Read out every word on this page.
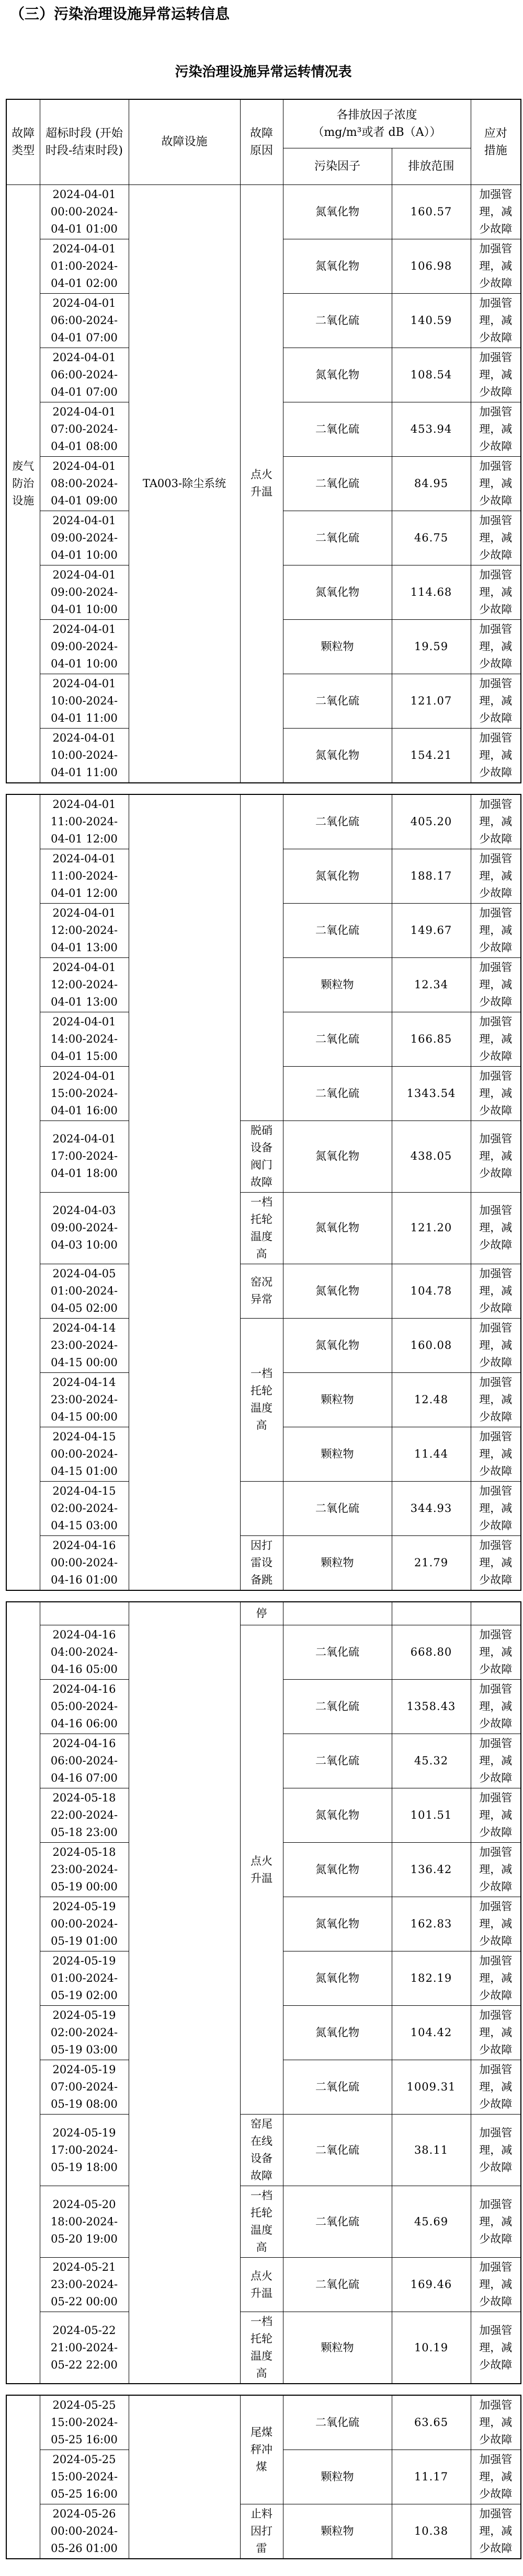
（三）污染治理设施异常运转信息
污染治理设施异常运转情况表
故障类型	超标时段 (开始时段-结束时段)	故障设施	故障原因	各排放因子浓度
（mg/m³或者 dB（A））		应对措施

				污染因子	排放范围	

废气防治设施	2024-04-01 00:00-2024-04-01 01:00	TA003-除尘系统	点火升温	氮氧化物	160.57	加强管理，减少故障

	2024-04-01 01:00-2024-04-01 02:00			氮氧化物	106.98	加强管理，减少故障

	2024-04-01 06:00-2024-04-01 07:00			二氧化硫	140.59	加强管理，减少故障

	2024-04-01 06:00-2024-04-01 07:00			氮氧化物	108.54	加强管理，减少故障

	2024-04-01 07:00-2024-04-01 08:00			二氧化硫	453.94	加强管理，减少故障

	2024-04-01 08:00-2024-04-01 09:00			二氧化硫	84.95	加强管理，减少故障

	2024-04-01 09:00-2024-04-01 10:00			二氧化硫	46.75	加强管理，减少故障

	2024-04-01 09:00-2024-04-01 10:00			氮氧化物	114.68	加强管理，减少故障

	2024-04-01 09:00-2024-04-01 10:00			颗粒物	19.59	加强管理，减少故障

	2024-04-01 10:00-2024-04-01 11:00			二氧化硫	121.07	加强管理，减少故障

	2024-04-01 10:00-2024-04-01 11:00			氮氧化物	154.21	加强管理，减少故障
	2024-04-01 11:00-2024-04-01 12:00			二氧化硫	405.20	加强管理，减少故障

	2024-04-01 11:00-2024-04-01 12:00			氮氧化物	188.17	加强管理，减少故障

	2024-04-01 12:00-2024-04-01 13:00			二氧化硫	149.67	加强管理，减少故障

	2024-04-01 12:00-2024-04-01 13:00			颗粒物	12.34	加强管理，减少故障

	2024-04-01 14:00-2024-04-01 15:00			二氧化硫	166.85	加强管理，减少故障

	2024-04-01 15:00-2024-04-01 16:00			二氧化硫	1343.54	加强管理，减少故障

	2024-04-01 17:00-2024-04-01 18:00		脱硝设备阀门故障	氮氧化物	438.05	加强管理，减少故障

	2024-04-03 09:00-2024-04-03 10:00		一档托轮温度高	氮氧化物	121.20	加强管理，减少故障

	2024-04-05 01:00-2024-04-05 02:00		窑况异常	氮氧化物	104.78	加强管理，减少故障

	2024-04-14 23:00-2024-04-15 00:00		一档托轮温度高	氮氧化物	160.08	加强管理，减少故障

	2024-04-14 23:00-2024-04-15 00:00			颗粒物	12.48	加强管理，减少故障

	2024-04-15 00:00-2024-04-15 01:00			颗粒物	11.44	加强管理，减少故障

	2024-04-15 02:00-2024-04-15 03:00			二氧化硫	344.93	加强管理，减少故障

	2024-04-16 00:00-2024-04-16 01:00		因打雷设备跳	颗粒物	21.79	加强管理，减少故障

			停			

	2024-04-16 04:00-2024-04-16 05:00		点火升温	二氧化硫	668.80	加强管理，减少故障

	2024-04-16 05:00-2024-04-16 06:00			二氧化硫	1358.43	加强管理，减少故障

	2024-04-16 06:00-2024-04-16 07:00			二氧化硫	45.32	加强管理，减少故障

	2024-05-18 22:00-2024-05-18 23:00			氮氧化物	101.51	加强管理，减少故障

	2024-05-18 23:00-2024-05-19 00:00			氮氧化物	136.42	加强管理，减少故障

	2024-05-19 00:00-2024-05-19 01:00			氮氧化物	162.83	加强管理，减少故障

	2024-05-19 01:00-2024-05-19 02:00			氮氧化物	182.19	加强管理，减少故障

	2024-05-19 02:00-2024-05-19 03:00			氮氧化物	104.42	加强管理，减少故障

	2024-05-19 07:00-2024-05-19 08:00			二氧化硫	1009.31	加强管理，减少故障

	2024-05-19 17:00-2024-05-19 18:00		窑尾在线设备故障	二氧化硫	38.11	加强管理，减少故障

	2024-05-20 18:00-2024-05-20 19:00		一档托轮温度高	二氧化硫	45.69	加强管理，减少故障

	2024-05-21 23:00-2024-05-22 00:00		点火升温	二氧化硫	169.46	加强管理，减少故障

	2024-05-22 21:00-2024-05-22 22:00		一档托轮温度高	颗粒物	10.19	加强管理，减少故障
	2024-05-25 15:00-2024-05-25 16:00		尾煤秤冲煤	二氧化硫	63.65	加强管理，减少故障

	2024-05-25 15:00-2024-05-25 16:00			颗粒物	11.17	加强管理，减少故障

	2024-05-26 00:00-2024-05-26 01:00		止料因打雷	颗粒物	10.38	加强管理，减少故障
